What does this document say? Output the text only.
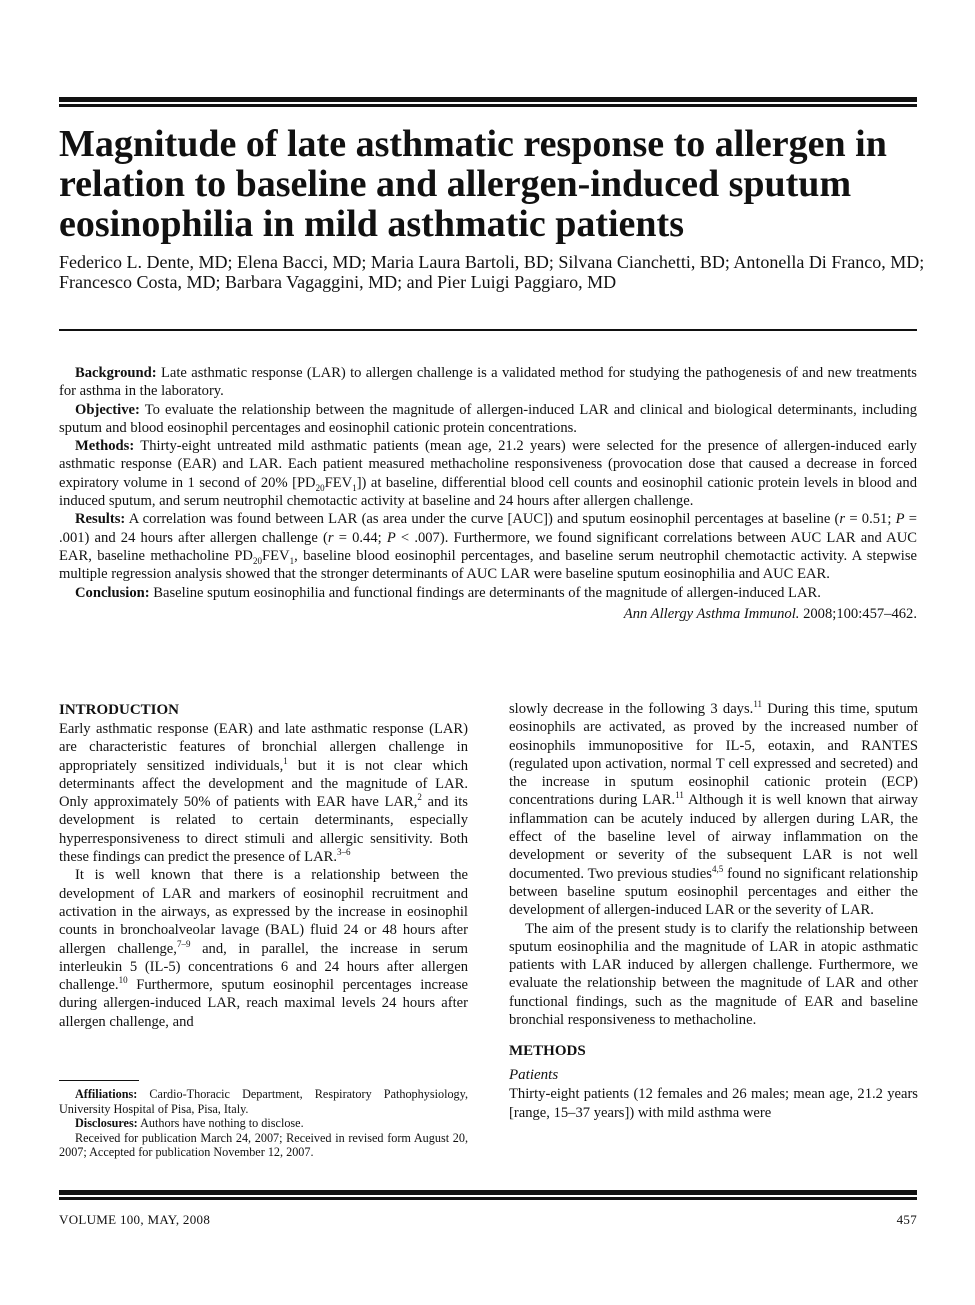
Magnitude of late asthmatic response to allergen in relation to baseline and allergen-induced sputum eosinophilia in mild asthmatic patients

Federico L. Dente, MD; Elena Bacci, MD; Maria Laura Bartoli, BD; Silvana Cianchetti, BD; Antonella Di Franco, MD; Francesco Costa, MD; Barbara Vagaggini, MD; and Pier Luigi Paggiaro, MD

Background: Late asthmatic response (LAR) to allergen challenge is a validated method for studying the pathogenesis of and new treatments for asthma in the laboratory.

Objective: To evaluate the relationship between the magnitude of allergen-induced LAR and clinical and biological determinants, including sputum and blood eosinophil percentages and eosinophil cationic protein concentrations.

Methods: Thirty-eight untreated mild asthmatic patients (mean age, 21.2 years) were selected for the presence of allergen-induced early asthmatic response (EAR) and LAR. Each patient measured methacholine responsiveness (provocation dose that caused a decrease in forced expiratory volume in 1 second of 20% $[PD_{20}FEV_1]$) at baseline, differential blood cell counts and eosinophil cationic protein levels in blood and induced sputum, and serum neutrophil chemotactic activity at baseline and 24 hours after allergen challenge.

Results: A correlation was found between LAR (as area under the curve [AUC]) and sputum eosinophil percentages at baseline (r = 0.51; P = .001) and 24 hours after allergen challenge (r = 0.44; P < .007). Furthermore, we found significant correlations between AUC LAR and AUC EAR, baseline methacholine $PD_{20}FEV_1$, baseline blood eosinophil percentages, and baseline serum neutrophil chemotactic activity. A stepwise multiple regression analysis showed that the stronger determinants of AUC LAR were baseline sputum eosinophilia and AUC EAR.

Conclusion: Baseline sputum eosinophilia and functional findings are determinants of the magnitude of allergen-induced LAR.

Ann Allergy Asthma Immunol. 2008;100:457–462.

INTRODUCTION

Early asthmatic response (EAR) and late asthmatic response (LAR) are characteristic features of bronchial allergen challenge in appropriately sensitized individuals,$^1$ but it is not clear which determinants affect the development and the magnitude of LAR. Only approximately 50% of patients with EAR have LAR,$^2$ and its development is related to certain determinants, especially hyperresponsiveness to direct stimuli and allergic sensitivity. Both these findings can predict the presence of LAR.$^{3-6}$

It is well known that there is a relationship between the development of LAR and markers of eosinophil recruitment and activation in the airways, as expressed by the increase in eosinophil counts in bronchoalveolar lavage (BAL) fluid 24 or 48 hours after allergen challenge,$^{7-9}$ and, in parallel, the increase in serum interleukin 5 (IL-5) concentrations 6 and 24 hours after allergen challenge.$^{10}$ Furthermore, sputum eosinophil percentages increase during allergen-induced LAR, reach maximal levels 24 hours after allergen challenge, and

slowly decrease in the following 3 days.$^{11}$ During this time, sputum eosinophils are activated, as proved by the increased number of eosinophils immunopositive for IL-5, eotaxin, and RANTES (regulated upon activation, normal T cell expressed and secreted) and the increase in sputum eosinophil cationic protein (ECP) concentrations during LAR.$^{11}$ Although it is well known that airway inflammation can be acutely induced by allergen during LAR, the effect of the baseline level of airway inflammation on the development or severity of the subsequent LAR is not well documented. Two previous studies$^{4,5}$ found no significant relationship between baseline sputum eosinophil percentages and either the development of allergen-induced LAR or the severity of LAR.

The aim of the present study is to clarify the relationship between sputum eosinophilia and the magnitude of LAR in atopic asthmatic patients with LAR induced by allergen challenge. Furthermore, we evaluate the relationship between the magnitude of LAR and other functional findings, such as the magnitude of EAR and baseline bronchial responsiveness to methacholine.

METHODS
Patients

Thirty-eight patients (12 females and 26 males; mean age, 21.2 years [range, 15–37 years]) with mild asthma were

Affiliations: Cardio-Thoracic Department, Respiratory Pathophysiology, University Hospital of Pisa, Pisa, Italy.

Disclosures: Authors have nothing to disclose.

Received for publication March 24, 2007; Received in revised form August 20, 2007; Accepted for publication November 12, 2007.

VOLUME 100, MAY, 2008	457
